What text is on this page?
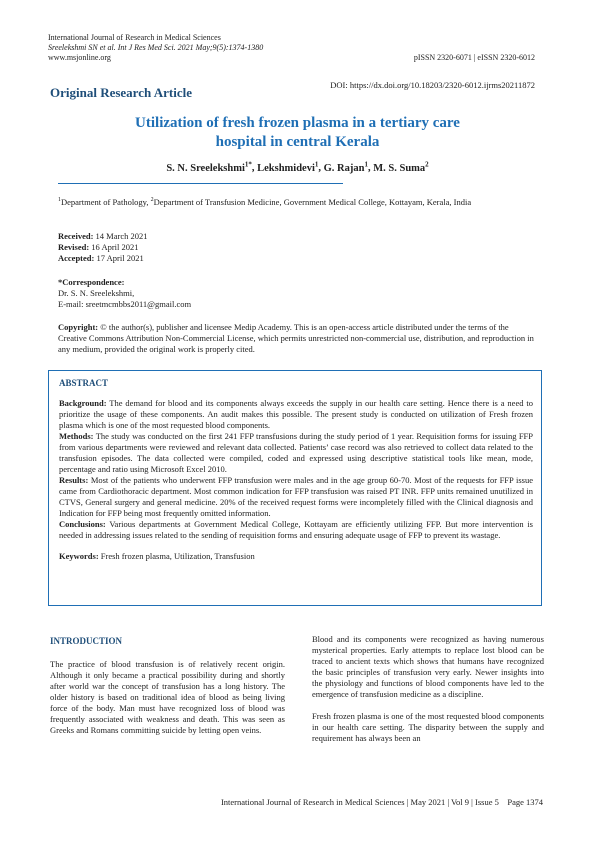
International Journal of Research in Medical Sciences
Sreelekshmi SN et al. Int J Res Med Sci. 2021 May;9(5):1374-1380
www.msjonline.org	pISSN 2320-6071 | eISSN 2320-6012
DOI: https://dx.doi.org/10.18203/2320-6012.ijrms20211872
Original Research Article
Utilization of fresh frozen plasma in a tertiary care
hospital in central Kerala
S. N. Sreelekshmi$^{1*}$, Lekshmidevi$^1$, G. Rajan$^1$, M. S. Suma$^2$
$^1$Department of Pathology, $^2$Department of Transfusion Medicine, Government Medical College, Kottayam, Kerala, India
Received: 14 March 2021
Revised: 16 April 2021
Accepted: 17 April 2021
*Correspondence:
Dr. S. N. Sreelekshmi,
E-mail: sreetmcmbbs2011@gmail.com
Copyright: © the author(s), publisher and licensee Medip Academy. This is an open-access article distributed under the terms of the Creative Commons Attribution Non-Commercial License, which permits unrestricted non-commercial use, distribution, and reproduction in any medium, provided the original work is properly cited.
ABSTRACT
Background: The demand for blood and its components always exceeds the supply in our health care setting. Hence there is a need to prioritize the usage of these components. An audit makes this possible. The present study is conducted on utilization of Fresh frozen plasma which is one of the most requested blood components.
Methods: The study was conducted on the first 241 FFP transfusions during the study period of 1 year. Requisition forms for issuing FFP from various departments were reviewed and relevant data collected. Patients’ case record was also retrieved to collect data related to the transfusion episodes. The data collected were compiled, coded and expressed using descriptive statistical tools like mean, mode, percentage and ratio using Microsoft Excel 2010.
Results: Most of the patients who underwent FFP transfusion were males and in the age group 60-70. Most of the requests for FFP issue came from Cardiothoracic department. Most common indication for FFP transfusion was raised PT INR. FFP units remained unutilized in CTVS, General surgery and general medicine. 20% of the received request forms were incompletely filled with the Clinical diagnosis and Indication for FFP being most frequently omitted information.
Conclusions: Various departments at Government Medical College, Kottayam are efficiently utilizing FFP. But more intervention is needed in addressing issues related to the sending of requisition forms and ensuring adequate usage of FFP to prevent its wastage.
Keywords: Fresh frozen plasma, Utilization, Transfusion
INTRODUCTION

The practice of blood transfusion is of relatively recent origin. Although it only became a practical possibility during and shortly after world war the concept of transfusion has a long history. The older history is based on traditional idea of blood as being living force of the body. Man must have recognized loss of blood was frequently associated with weakness and death. This was seen as Greeks and Romans committing suicide by letting open veins.

Blood and its components were recognized as having numerous mysterical properties. Early attempts to replace lost blood can be traced to ancient texts which shows that humans have recognized the basic principles of transfusion very early. Newer insights into the physiology and functions of blood components have led to the emergence of transfusion medicine as a discipline.

Fresh frozen plasma is one of the most requested blood components in our health care setting. The disparity between the supply and requirement has always been an

International Journal of Research in Medical Sciences | May 2021 | Vol 9 | Issue 5    Page 1374
